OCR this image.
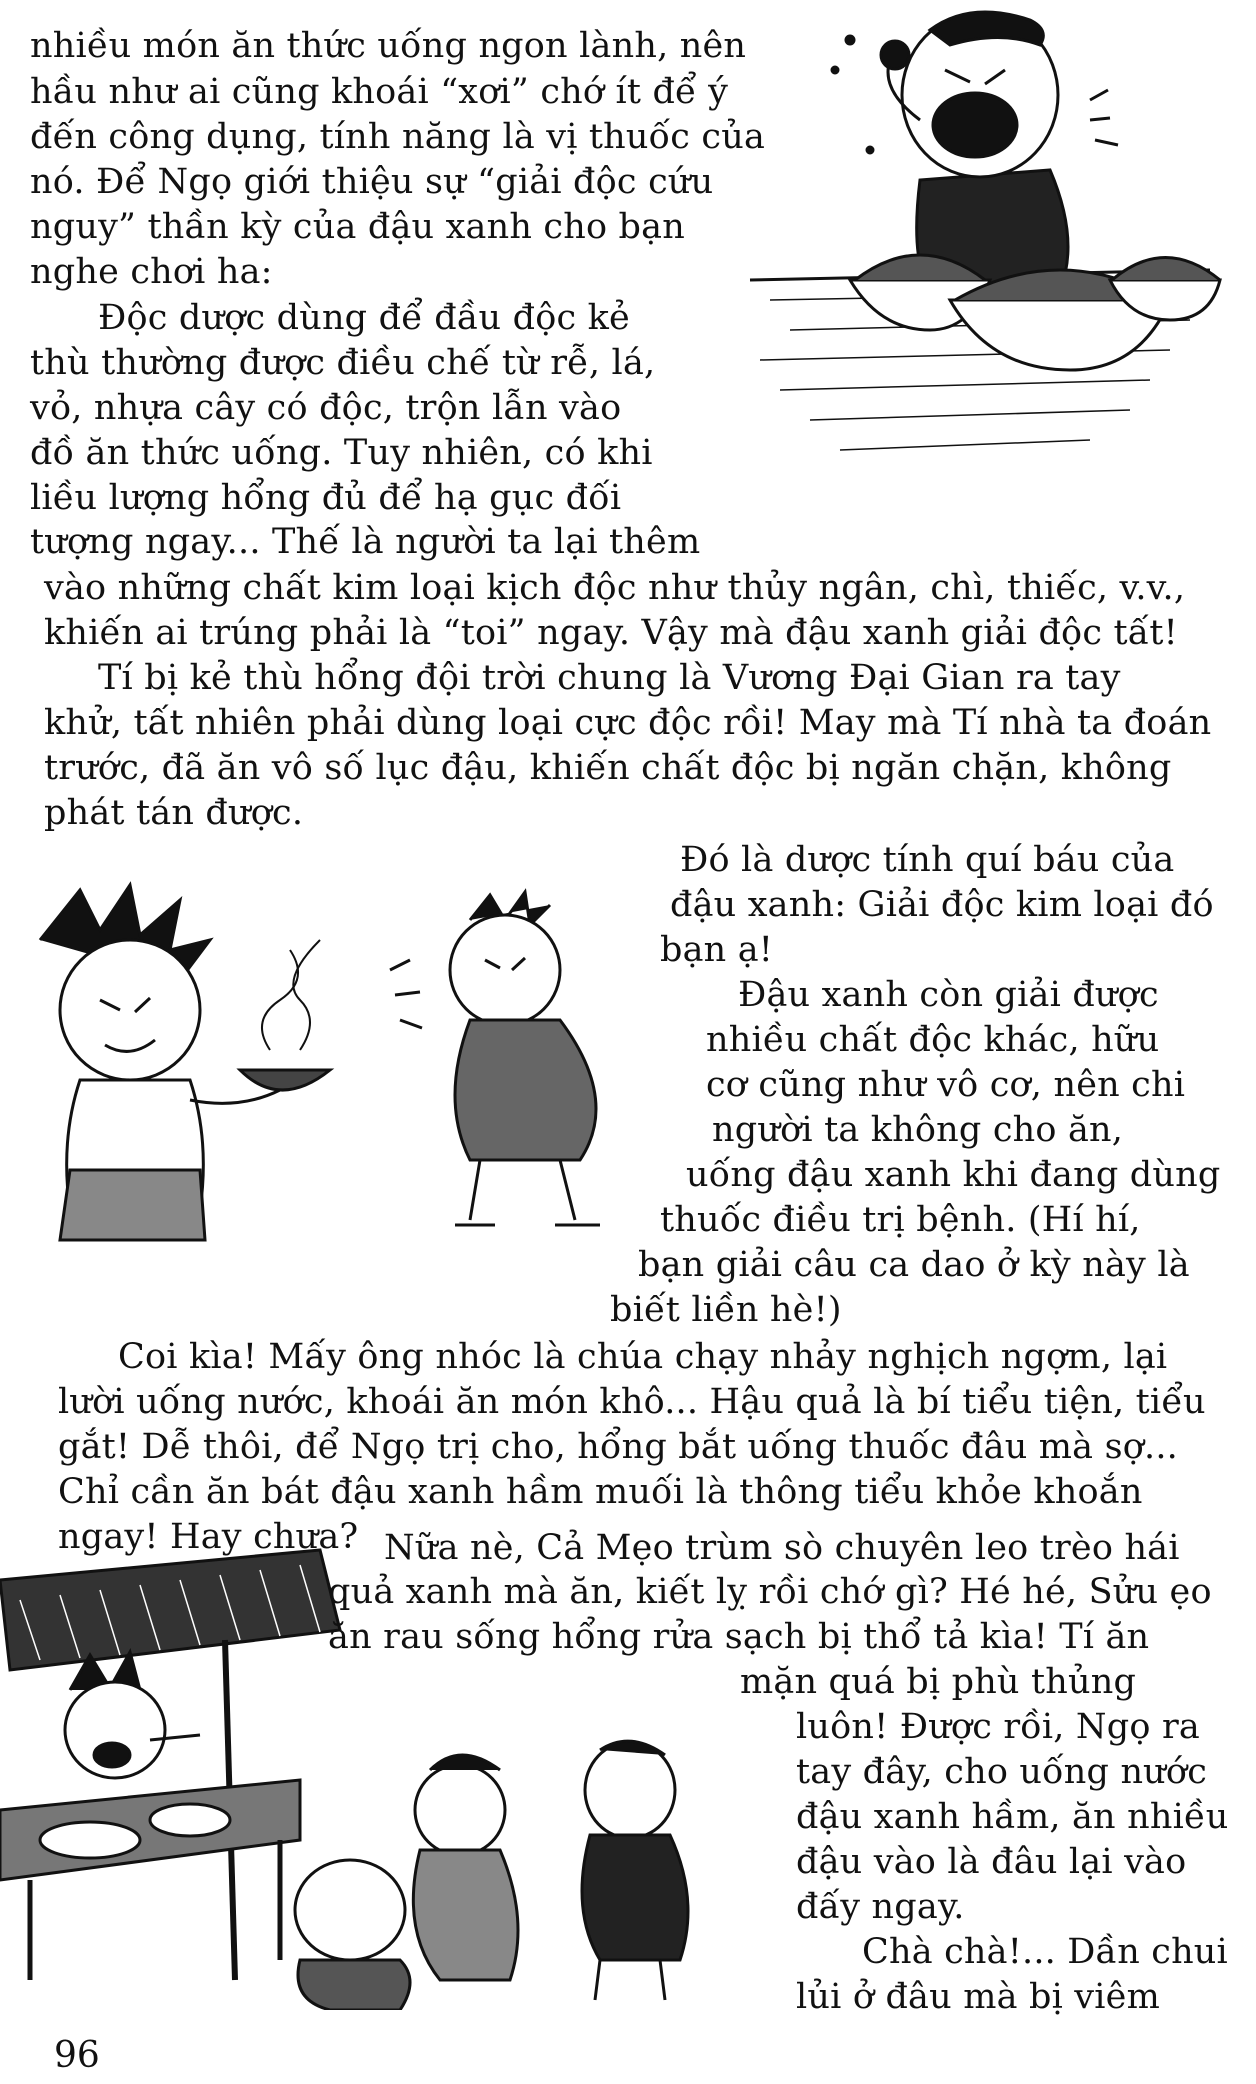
nhiều món ăn thức uống ngon lành, nên
hầu như ai cũng khoái “xơi” chớ ít để ý
đến công dụng, tính năng là vị thuốc của
nó. Để Ngọ giới thiệu sự “giải độc cứu
nguy” thần kỳ của đậu xanh cho bạn
nghe chơi ha:
Độc dược dùng để đầu độc kẻ
thù thường được điều chế từ rễ, lá,
vỏ, nhựa cây có độc, trộn lẫn vào
đồ ăn thức uống. Tuy nhiên, có khi
liều lượng hổng đủ để hạ gục đối
tượng ngay... Thế là người ta lại thêm
vào những chất kim loại kịch độc như thủy ngân, chì, thiếc, v.v.,
khiến ai trúng phải là “toi” ngay. Vậy mà đậu xanh giải độc tất!
Tí bị kẻ thù hổng đội trời chung là Vương Đại Gian ra tay
khử, tất nhiên phải dùng loại cực độc rồi! May mà Tí nhà ta đoán
trước, đã ăn vô số lục đậu, khiến chất độc bị ngăn chặn, không
phát tán được.
Đó là dược tính quí báu của
đậu xanh: Giải độc kim loại đó
bạn ạ!
Đậu xanh còn giải được
nhiều chất độc khác, hữu
cơ cũng như vô cơ, nên chi
người ta không cho ăn,
uống đậu xanh khi đang dùng
thuốc điều trị bệnh. (Hí hí,
bạn giải câu ca dao ở kỳ này là
biết liền hè!)
Coi kìa! Mấy ông nhóc là chúa chạy nhảy nghịch ngợm, lại
lười uống nước, khoái ăn món khô... Hậu quả là bí tiểu tiện, tiểu
gắt! Dễ thôi, để Ngọ trị cho, hổng bắt uống thuốc đâu mà sợ...
Chỉ cần ăn bát đậu xanh hầm muối là thông tiểu khỏe khoắn
ngay! Hay chưa? Nữa nè, Cả Mẹo trùm sò chuyên leo trèo hái
quả xanh mà ăn, kiết lỵ rồi chớ gì? Hé hé, Sửu ẹo
ăn rau sống hổng rửa sạch bị thổ tả kìa! Tí ăn
mặn quá bị phù thủng
luôn! Được rồi, Ngọ ra
tay đây, cho uống nước
đậu xanh hầm, ăn nhiều
đậu vào là đâu lại vào
đấy ngay.
Chà chà!... Dần chui
lủi ở đâu mà bị viêm
96
